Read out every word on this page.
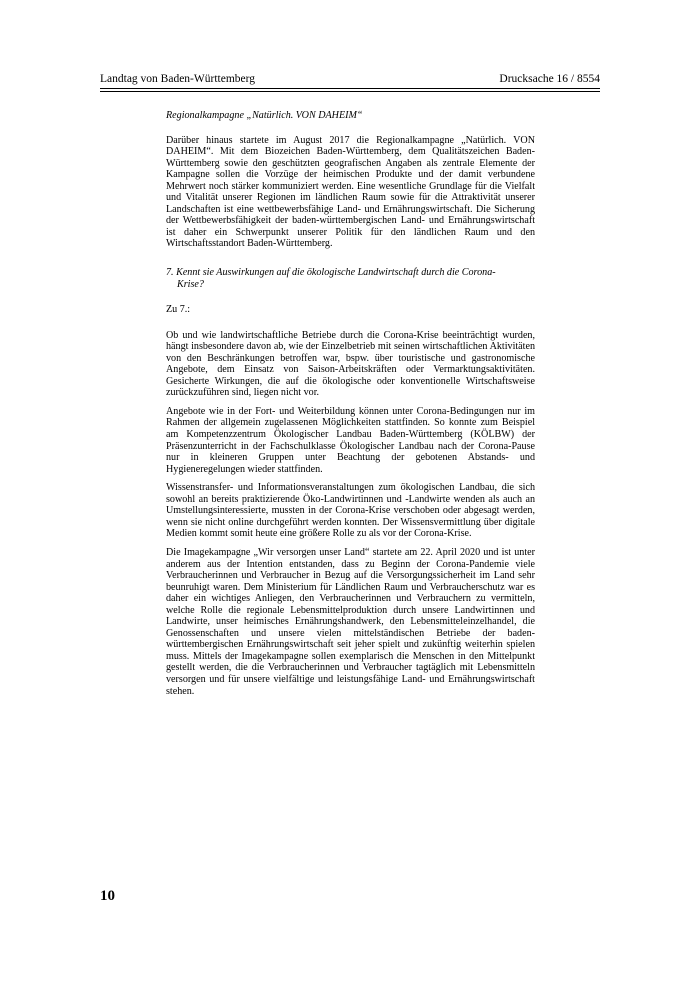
Landtag von Baden-Württemberg	Drucksache 16 / 8554

Regionalkampagne „Natürlich. VON DAHEIM“

Darüber hinaus startete im August 2017 die Regionalkampagne „Natürlich. VON DAHEIM“. Mit dem Biozeichen Baden-Württemberg, dem Qualitätszeichen Baden-Württemberg sowie den geschützten geografischen Angaben als zentrale Elemente der Kampagne sollen die Vorzüge der heimischen Produkte und der damit verbundene Mehrwert noch stärker kommuniziert werden. Eine wesentliche Grundlage für die Vielfalt und Vitalität unserer Regionen im ländlichen Raum sowie für die Attraktivität unserer Landschaften ist eine wettbewerbsfähige Land- und Ernährungswirtschaft. Die Sicherung der Wettbewerbsfähigkeit der baden-württembergischen Land- und Ernährungswirtschaft ist daher ein Schwerpunkt unserer Politik für den ländlichen Raum und den Wirtschaftsstandort Baden-Württemberg.

7. Kennt sie Auswirkungen auf die ökologische Landwirtschaft durch die Corona-
Krise?

Zu 7.:

Ob und wie landwirtschaftliche Betriebe durch die Corona-Krise beeinträchtigt wurden, hängt insbesondere davon ab, wie der Einzelbetrieb mit seinen wirtschaftlichen Aktivitäten von den Beschränkungen betroffen war, bspw. über touristische und gastronomische Angebote, dem Einsatz von Saison-Arbeitskräften oder Vermarktungsaktivitäten. Gesicherte Wirkungen, die auf die ökologische oder konventionelle Wirtschaftsweise zurückzuführen sind, liegen nicht vor.

Angebote wie in der Fort- und Weiterbildung können unter Corona-Bedingungen nur im Rahmen der allgemein zugelassenen Möglichkeiten stattfinden. So konnte zum Beispiel am Kompetenzzentrum Ökologischer Landbau Baden-Württemberg (KÖLBW) der Präsenzunterricht in der Fachschulklasse Ökologischer Landbau nach der Corona-Pause nur in kleineren Gruppen unter Beachtung der gebotenen Abstands- und Hygieneregelungen wieder stattfinden.

Wissenstransfer- und Informationsveranstaltungen zum ökologischen Landbau, die sich sowohl an bereits praktizierende Öko-Landwirtinnen und -Landwirte wenden als auch an Umstellungsinteressierte, mussten in der Corona-Krise verschoben oder abgesagt werden, wenn sie nicht online durchgeführt werden konnten. Der Wissensvermittlung über digitale Medien kommt somit heute eine größere Rolle zu als vor der Corona-Krise.

Die Imagekampagne „Wir versorgen unser Land“ startete am 22. April 2020 und ist unter anderem aus der Intention entstanden, dass zu Beginn der Corona-Pandemie viele Verbraucherinnen und Verbraucher in Bezug auf die Versorgungssicherheit im Land sehr beunruhigt waren. Dem Ministerium für Ländlichen Raum und Verbraucherschutz war es daher ein wichtiges Anliegen, den Verbraucherinnen und Verbrauchern zu vermitteln, welche Rolle die regionale Lebensmittelproduktion durch unsere Landwirtinnen und Landwirte, unser heimisches Ernährungshandwerk, den Lebensmitteleinzelhandel, die Genossenschaften und unsere vielen mittelständischen Betriebe der baden-württembergischen Ernährungswirtschaft seit jeher spielt und zukünftig weiterhin spielen muss. Mittels der Imagekampagne sollen exemplarisch die Menschen in den Mittelpunkt gestellt werden, die die Verbraucherinnen und Verbraucher tagtäglich mit Lebensmitteln versorgen und für unsere vielfältige und leistungsfähige Land- und Ernährungswirtschaft stehen.

10
